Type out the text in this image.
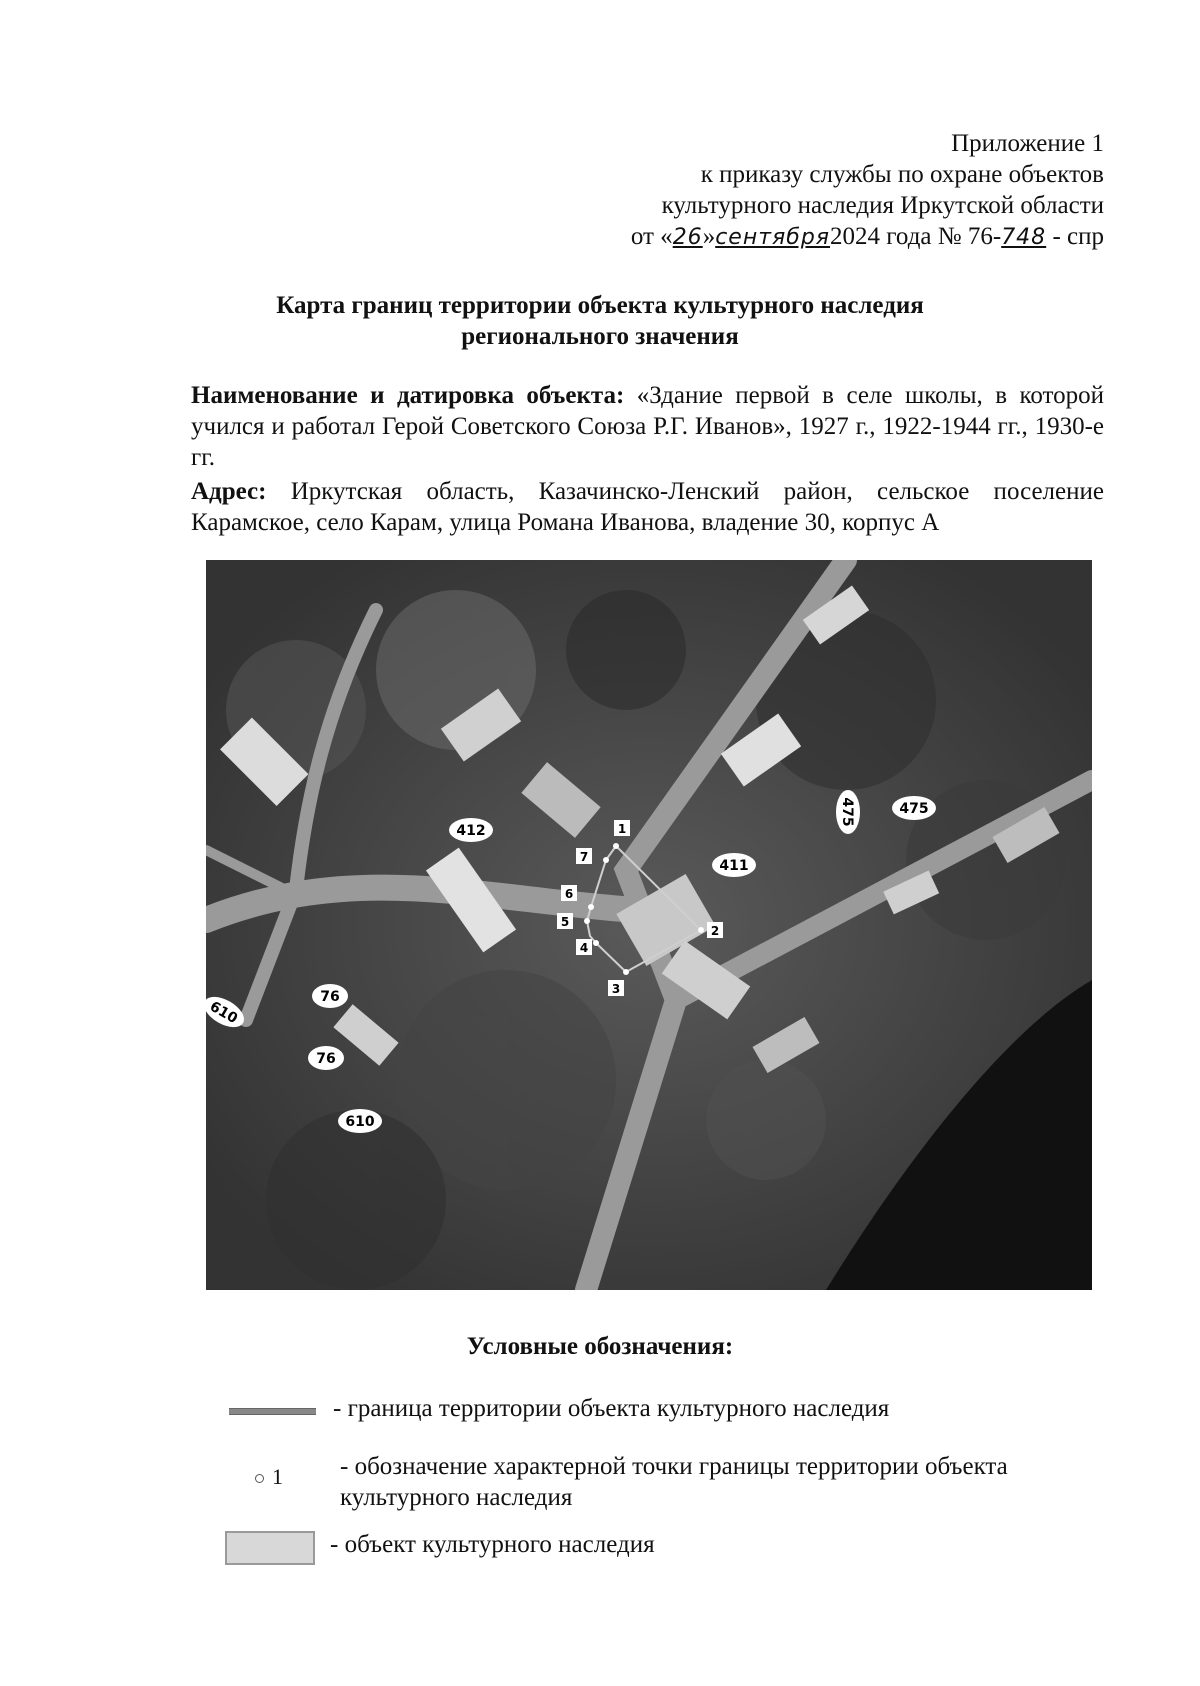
Приложение 1
к приказу службы по охране объектов
культурного наследия Иркутской области
от «26»сентября2024 года № 76-748 - спр
Карта границ территории объекта культурного наследия
регионального значения
Наименование и датировка объекта: «Здание первой в селе школы, в которой учился и работал Герой Советского Союза Р.Г. Иванов», 1927 г., 1922-1944 гг., 1930-е гг.
Адрес: Иркутская область, Казачинско-Ленский район, сельское поселение Карамское, село Карам, улица Романа Иванова, владение 30, корпус А
412
411
475	475
76
76
610
610
1
2
3
4
5
6
7
Условные обозначения:
- граница территории объекта культурного наследия
1 - обозначение характерной точки границы территории объекта культурного наследия
- объект культурного наследия
